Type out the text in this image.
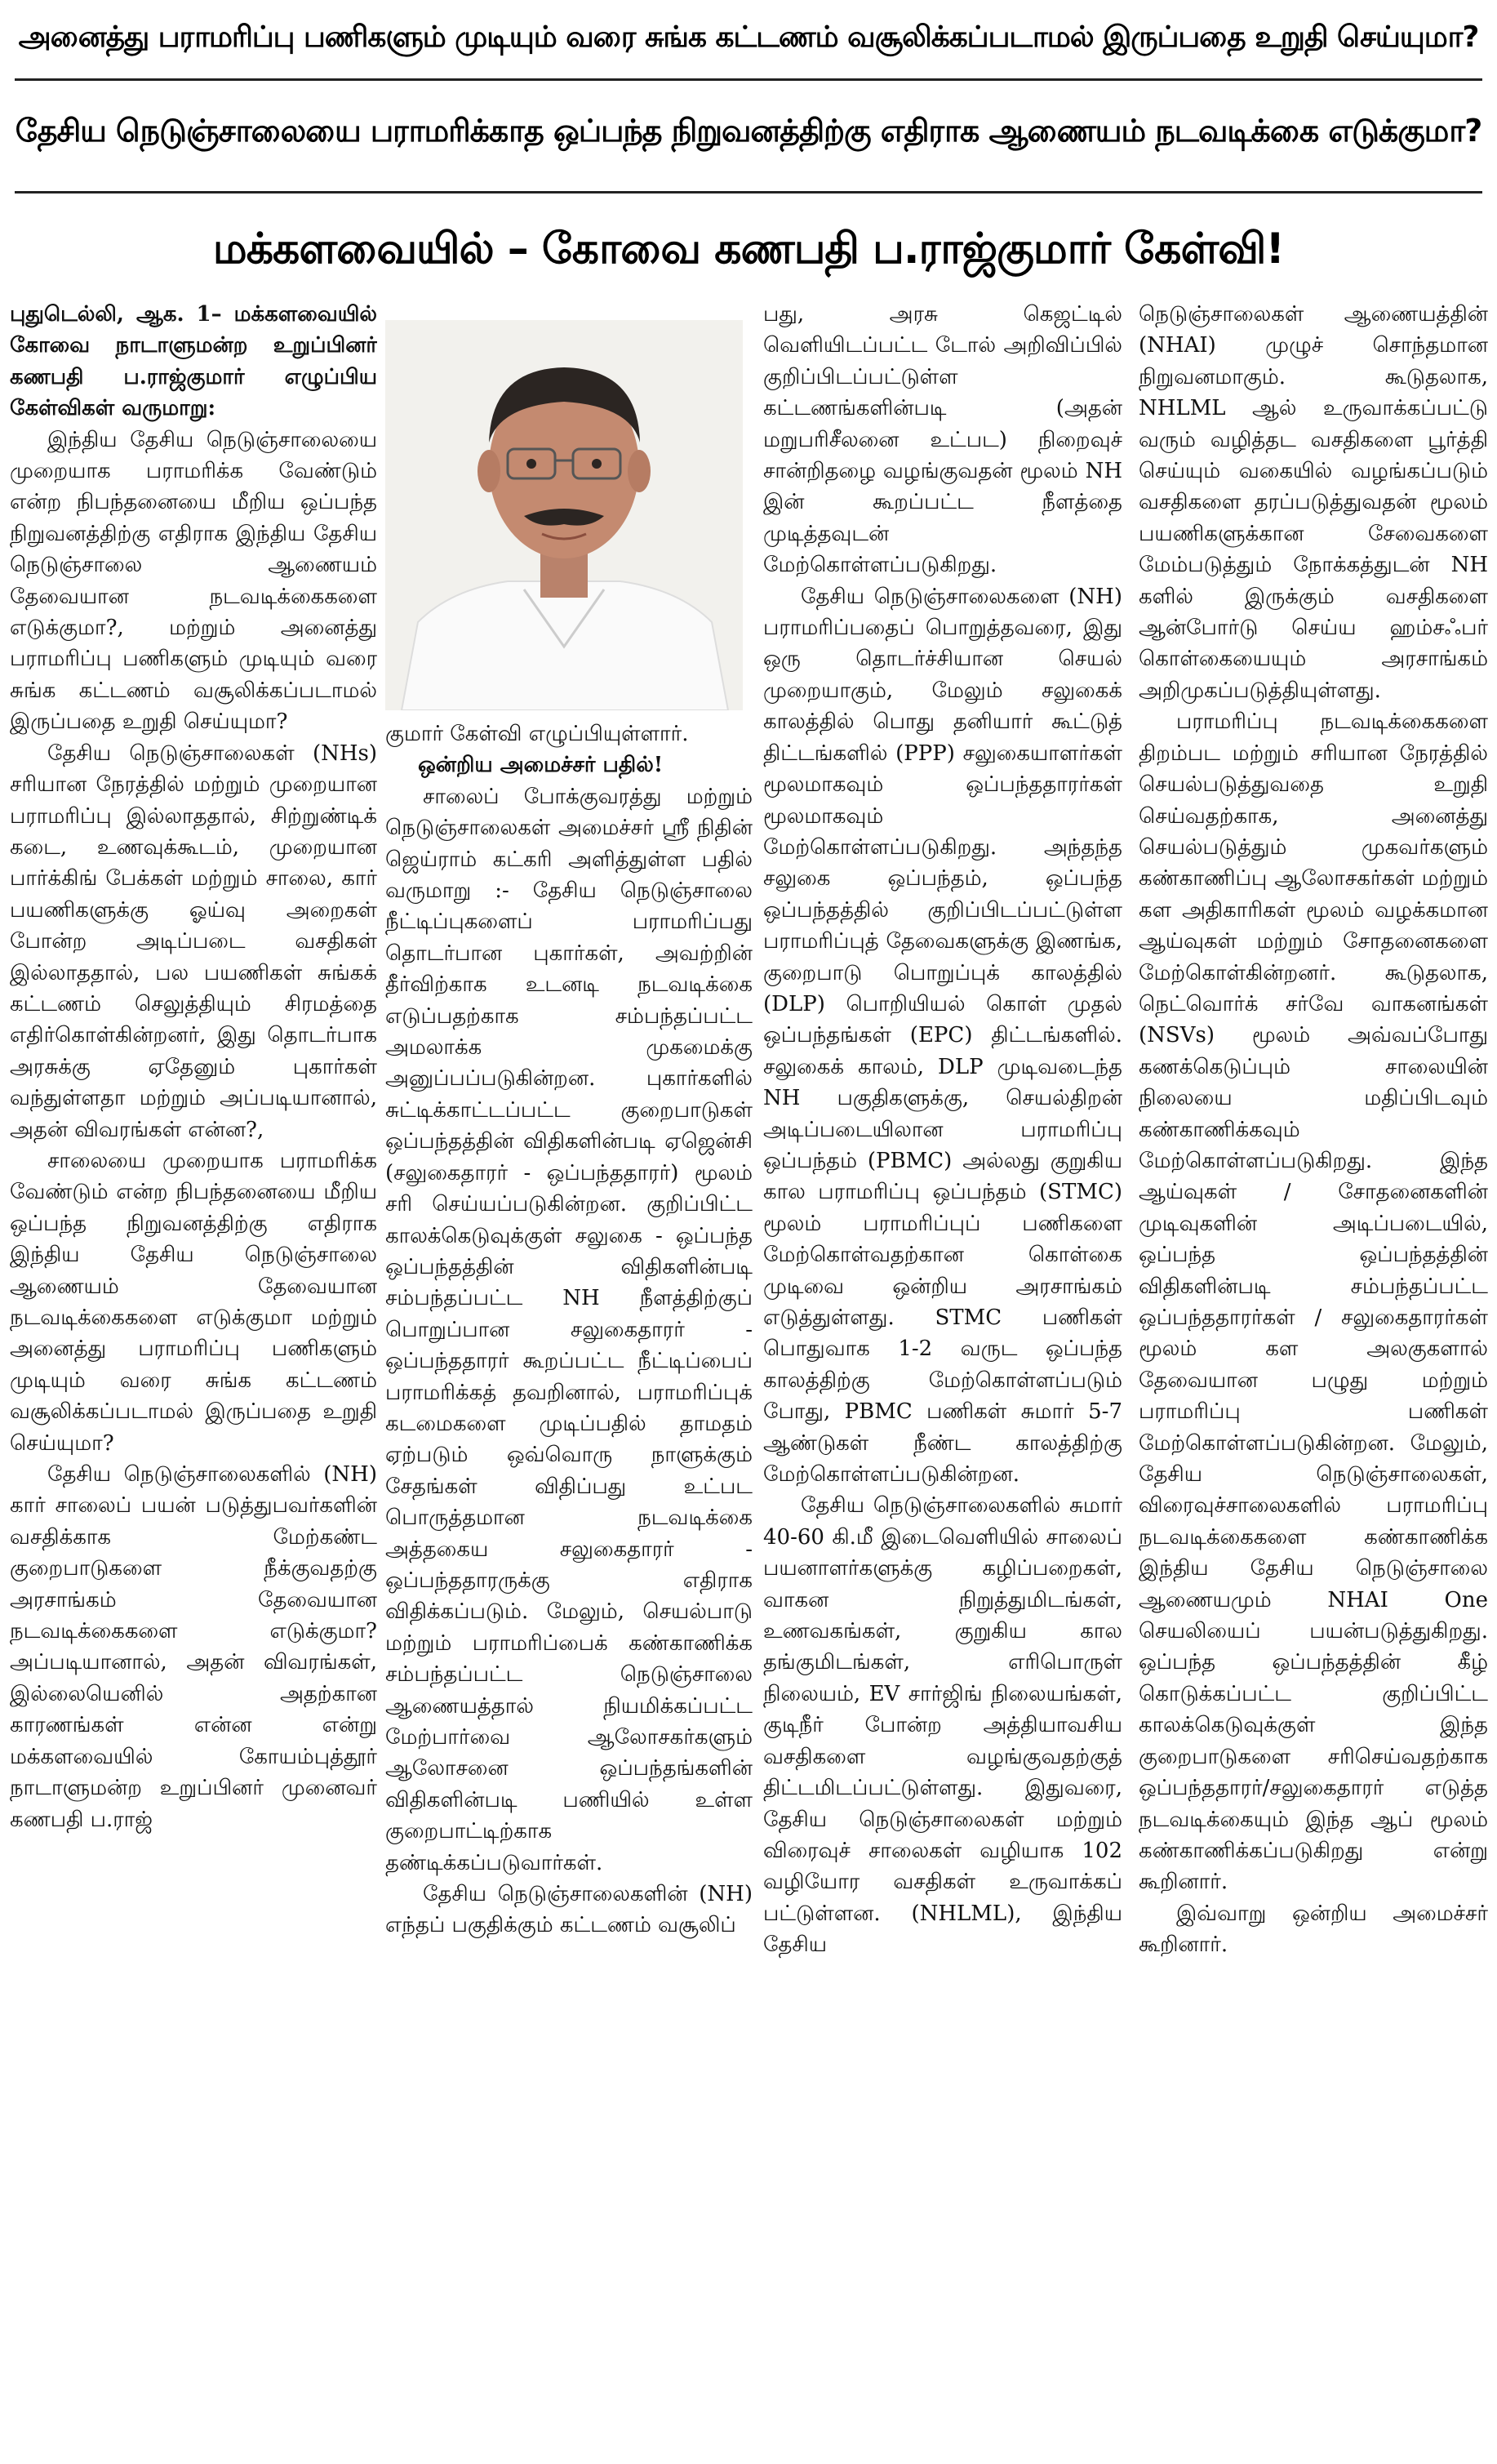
அனைத்து பராமரிப்பு பணிகளும் முடியும் வரை சுங்க கட்டணம் வசூலிக்கப்படாமல் இருப்பதை உறுதி செய்யுமா?
தேசிய நெடுஞ்சாலையை பராமரிக்காத ஒப்பந்த நிறுவனத்திற்கு எதிராக ஆணையம் நடவடிக்கை எடுக்குமா?
மக்களவையில் – கோவை கணபதி ப.ராஜ்குமார் கேள்வி!

புதுடெல்லி, ஆக. 1– மக்களவையில் கோவை நாடாளுமன்ற உறுப்பினர் கணபதி ப.ராஜ்குமார் எழுப்பிய கேள்விகள் வருமாறு:

இந்திய தேசிய நெடுஞ்சாலையை முறையாக பராமரிக்க வேண்டும் என்ற நிபந்தனையை மீறிய ஒப்பந்த நிறுவனத்திற்கு எதிராக இந்திய தேசிய நெடுஞ்சாலை ஆணையம் தேவையான நடவடிக்கைகளை எடுக்குமா?, மற்றும் அனைத்து பராமரிப்பு பணிகளும் முடியும் வரை சுங்க கட்டணம் வசூலிக்கப்படாமல் இருப்பதை உறுதி செய்யுமா?

தேசிய நெடுஞ்சாலைகள் (NHs) சரியான நேரத்தில் மற்றும் முறையான பராமரிப்பு இல்லாததால், சிற்றுண்டிக் கடை, உணவுக்கூடம், முறையான பார்க்கிங் பேக்கள் மற்றும் சாலை, கார் பயணிகளுக்கு ஓய்வு அறைகள் போன்ற அடிப்படை வசதிகள் இல்லாததால், பல பயணிகள் சுங்கக் கட்டணம் செலுத்தியும் சிரமத்தை எதிர்கொள்கின்றனர், இது தொடர்பாக அரசுக்கு ஏதேனும் புகார்கள் வந்துள்ளதா மற்றும் அப்படியானால், அதன் விவரங்கள் என்ன?,

சாலையை முறையாக பராமரிக்க வேண்டும் என்ற நிபந்தனையை மீறிய ஒப்பந்த நிறுவனத்திற்கு எதிராக இந்திய தேசிய நெடுஞ்சாலை ஆணையம் தேவையான நடவடிக்கைகளை எடுக்குமா மற்றும் அனைத்து பராமரிப்பு பணிகளும் முடியும் வரை சுங்க கட்டணம் வசூலிக்கப்படாமல் இருப்பதை உறுதி செய்யுமா?

தேசிய நெடுஞ்சாலைகளில் (NH) கார் சாலைப் பயன் படுத்துபவர்களின் வசதிக்காக மேற்கண்ட குறைபாடுகளை நீக்குவதற்கு அரசாங்கம் தேவையான நடவடிக்கைகளை எடுக்குமா? அப்படியானால், அதன் விவரங்கள், இல்லையெனில் அதற்கான காரணங்கள் என்ன என்று மக்களவையில் கோயம்புத்தூர் நாடாளுமன்ற உறுப்பினர் முனைவர் கணபதி ப.ராஜ்

குமார் கேள்வி எழுப்பியுள்ளார்.

ஒன்றிய அமைச்சர் பதில்!

சாலைப் போக்குவரத்து மற்றும் நெடுஞ்சாலைகள் அமைச்சர் ஸ்ரீ நிதின் ஜெய்ராம் கட்கரி அளித்துள்ள பதில் வருமாறு :- தேசிய நெடுஞ்சாலை நீட்டிப்புகளைப் பராமரிப்பது தொடர்பான புகார்கள், அவற்றின் தீர்விற்காக உடனடி நடவடிக்கை எடுப்பதற்காக சம்பந்தப்பட்ட அமலாக்க முகமைக்கு அனுப்பப்படுகின்றன. புகார்களில் சுட்டிக்காட்டப்பட்ட குறைபாடுகள் ஒப்பந்தத்தின் விதிகளின்படி ஏஜென்சி (சலுகைதாரர் - ஒப்பந்ததாரர்) மூலம் சரி செய்யப்படுகின்றன. குறிப்பிட்ட காலக்கெடுவுக்குள் சலுகை - ஒப்பந்த ஒப்பந்தத்தின் விதிகளின்படி சம்பந்தப்பட்ட NH நீளத்திற்குப் பொறுப்பான சலுகைதாரர் - ஒப்பந்ததாரர் கூறப்பட்ட நீட்டிப்பைப் பராமரிக்கத் தவறினால், பராமரிப்புக் கடமைகளை முடிப்பதில் தாமதம் ஏற்படும் ஒவ்வொரு நாளுக்கும் சேதங்கள் விதிப்பது உட்பட பொருத்தமான நடவடிக்கை அத்தகைய சலுகைதாரர் - ஒப்பந்ததாரருக்கு எதிராக விதிக்கப்படும். மேலும், செயல்பாடு மற்றும் பராமரிப்பைக் கண்காணிக்க சம்பந்தப்பட்ட நெடுஞ்சாலை ஆணையத்தால் நியமிக்கப்பட்ட மேற்பார்வை ஆலோசகர்களும் ஆலோசனை ஒப்பந்தங்களின் விதிகளின்படி பணியில் உள்ள குறைபாட்டிற்காக தண்டிக்கப்படுவார்கள்.

தேசிய நெடுஞ்சாலைகளின் (NH) எந்தப் பகுதிக்கும் கட்டணம் வசூலிப்

பது, அரசு கெஜட்டில் வெளியிடப்பட்ட டோல் அறிவிப்பில் குறிப்பிடப்பட்டுள்ள கட்டணங்களின்படி (அதன் மறுபரிசீலனை உட்பட) நிறைவுச் சான்றிதழை வழங்குவதன் மூலம் NH இன் கூறப்பட்ட நீளத்தை முடித்தவுடன் மேற்கொள்ளப்படுகிறது.

தேசிய நெடுஞ்சாலைகளை (NH) பராமரிப்பதைப் பொறுத்தவரை, இது ஒரு தொடர்ச்சியான செயல் முறையாகும், மேலும் சலுகைக் காலத்தில் பொது தனியார் கூட்டுத் திட்டங்களில் (PPP) சலுகையாளர்கள் மூலமாகவும் ஒப்பந்ததாரர்கள் மூலமாகவும் மேற்கொள்ளப்படுகிறது. அந்தந்த சலுகை ஒப்பந்தம், ஒப்பந்த ஒப்பந்தத்தில் குறிப்பிடப்பட்டுள்ள பராமரிப்புத் தேவைகளுக்கு இணங்க, குறைபாடு பொறுப்புக் காலத்தில் (DLP) பொறியியல் கொள் முதல் ஒப்பந்தங்கள் (EPC) திட்டங்களில். சலுகைக் காலம், DLP முடிவடைந்த NH பகுதிகளுக்கு, செயல்திறன் அடிப்படையிலான பராமரிப்பு ஒப்பந்தம் (PBMC) அல்லது குறுகிய கால பராமரிப்பு ஒப்பந்தம் (STMC) மூலம் பராமரிப்புப் பணிகளை மேற்கொள்வதற்கான கொள்கை முடிவை ஒன்றிய அரசாங்கம் எடுத்துள்ளது. STMC பணிகள் பொதுவாக 1-2 வருட ஒப்பந்த காலத்திற்கு மேற்கொள்ளப்படும் போது, PBMC பணிகள் சுமார் 5-7 ஆண்டுகள் நீண்ட காலத்திற்கு மேற்கொள்ளப்படுகின்றன.

தேசிய நெடுஞ்சாலைகளில் சுமார் 40-60 கி.மீ இடைவெளியில் சாலைப் பயனாளர்களுக்கு கழிப்பறைகள், வாகன நிறுத்துமிடங்கள், உணவகங்கள், குறுகிய கால தங்குமிடங்கள், எரிபொருள் நிலையம், EV சார்ஜிங் நிலையங்கள், குடிநீர் போன்ற அத்தியாவசிய வசதிகளை வழங்குவதற்குத் திட்டமிடப்பட்டுள்ளது. இதுவரை, தேசிய நெடுஞ்சாலைகள் மற்றும் விரைவுச் சாலைகள் வழியாக 102 வழியோர வசதிகள் உருவாக்கப் பட்டுள்ளன. (NHLML), இந்திய தேசிய

நெடுஞ்சாலைகள் ஆணையத்தின் (NHAI) முழுச் சொந்தமான நிறுவனமாகும். கூடுதலாக, NHLML ஆல் உருவாக்கப்பட்டு வரும் வழித்தட வசதிகளை பூர்த்தி செய்யும் வகையில் வழங்கப்படும் வசதிகளை தரப்படுத்துவதன் மூலம் பயணிகளுக்கான சேவைகளை மேம்படுத்தும் நோக்கத்துடன் NH களில் இருக்கும் வசதிகளை ஆன்போர்டு செய்ய ஹம்சஃபர் கொள்கையையும் அரசாங்கம் அறிமுகப்படுத்தியுள்ளது.

பராமரிப்பு நடவடிக்கைகளை திறம்பட மற்றும் சரியான நேரத்தில் செயல்படுத்துவதை உறுதி செய்வதற்காக, அனைத்து செயல்படுத்தும் முகவர்களும் கண்காணிப்பு ஆலோசகர்கள் மற்றும் கள அதிகாரிகள் மூலம் வழக்கமான ஆய்வுகள் மற்றும் சோதனைகளை மேற்கொள்கின்றனர். கூடுதலாக, நெட்வொர்க் சர்வே வாகனங்கள் (NSVs) மூலம் அவ்வப்போது கணக்கெடுப்பும் சாலையின் நிலையை மதிப்பிடவும் கண்காணிக்கவும் மேற்கொள்ளப்படுகிறது. இந்த ஆய்வுகள் / சோதனைகளின் முடிவுகளின் அடிப்படையில், ஒப்பந்த ஒப்பந்தத்தின் விதிகளின்படி சம்பந்தப்பட்ட ஒப்பந்ததாரர்கள் / சலுகைதாரர்கள் மூலம் கள அலகுகளால் தேவையான பழுது மற்றும் பராமரிப்பு பணிகள் மேற்கொள்ளப்படுகின்றன. மேலும், தேசிய நெடுஞ்சாலைகள், விரைவுச்சாலைகளில் பராமரிப்பு நடவடிக்கைகளை கண்காணிக்க இந்திய தேசிய நெடுஞ்சாலை ஆணையமும் NHAI One செயலியைப் பயன்படுத்துகிறது. ஒப்பந்த ஒப்பந்தத்தின் கீழ் கொடுக்கப்பட்ட குறிப்பிட்ட காலக்கெடுவுக்குள் இந்த குறைபாடுகளை சரிசெய்வதற்காக ஒப்பந்ததாரர்/சலுகைதாரர் எடுத்த நடவடிக்கையும் இந்த ஆப் மூலம் கண்காணிக்கப்படுகிறது என்று கூறினார்.

இவ்வாறு ஒன்றிய அமைச்சர் கூறினார்.
